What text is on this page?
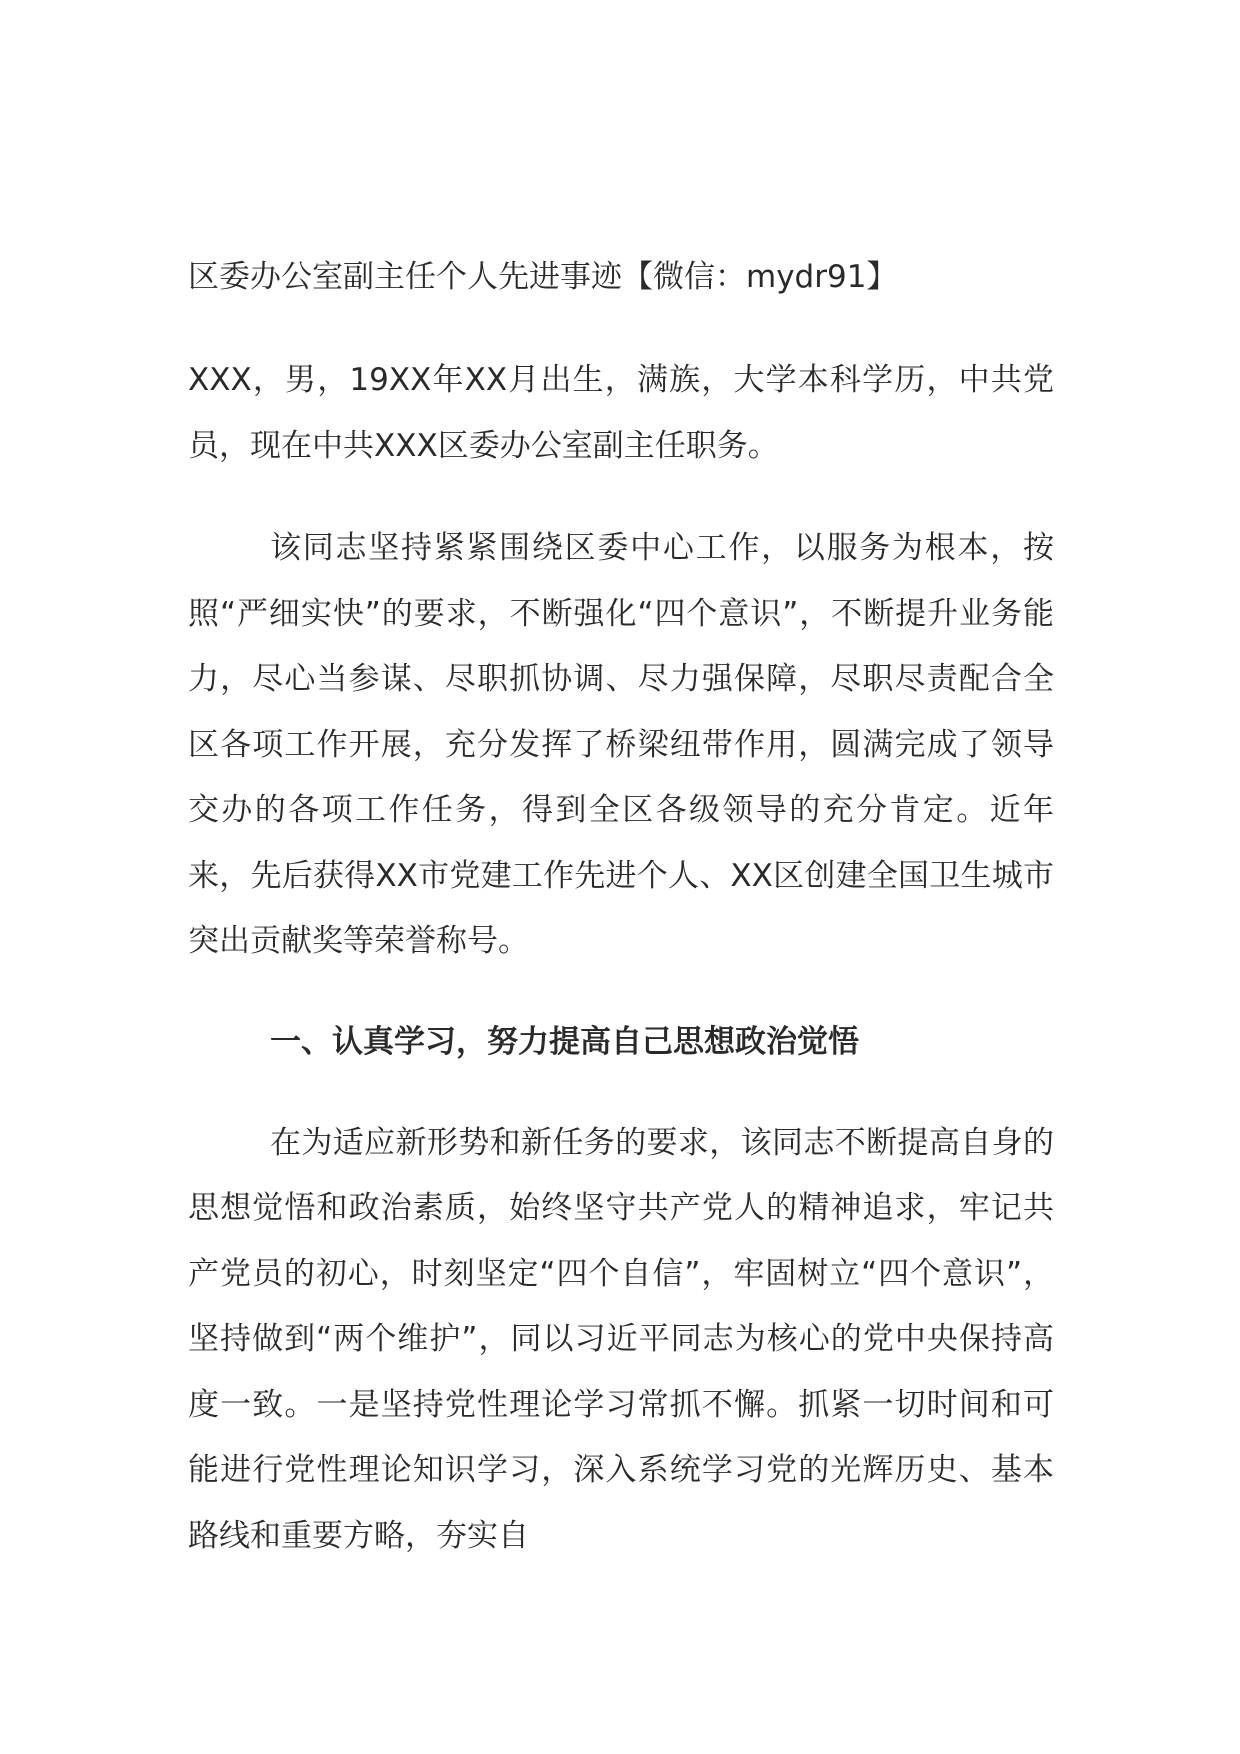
区委办公室副主任个人先进事迹【微信：mydr91】

XXX，男，19XX年XX月出生，满族，大学本科学历，中共党员，现在中共XXX区委办公室副主任职务。

该同志坚持紧紧围绕区委中心工作，以服务为根本，按照“严细实快”的要求，不断强化“四个意识”，不断提升业务能力，尽心当参谋、尽职抓协调、尽力强保障，尽职尽责配合全区各项工作开展，充分发挥了桥梁纽带作用，圆满完成了领导交办的各项工作任务，得到全区各级领导的充分肯定。近年来，先后获得XX市党建工作先进个人、XX区创建全国卫生城市突出贡献奖等荣誉称号。

一、认真学习，努力提高自己思想政治觉悟

在为适应新形势和新任务的要求，该同志不断提高自身的思想觉悟和政治素质，始终坚守共产党人的精神追求，牢记共产党员的初心，时刻坚定“四个自信”，牢固树立“四个意识”，坚持做到“两个维护”，同以习近平同志为核心的党中央保持高度一致。一是坚持党性理论学习常抓不懈。抓紧一切时间和可能进行党性理论知识学习，深入系统学习党的光辉历史、基本路线和重要方略，夯实自
